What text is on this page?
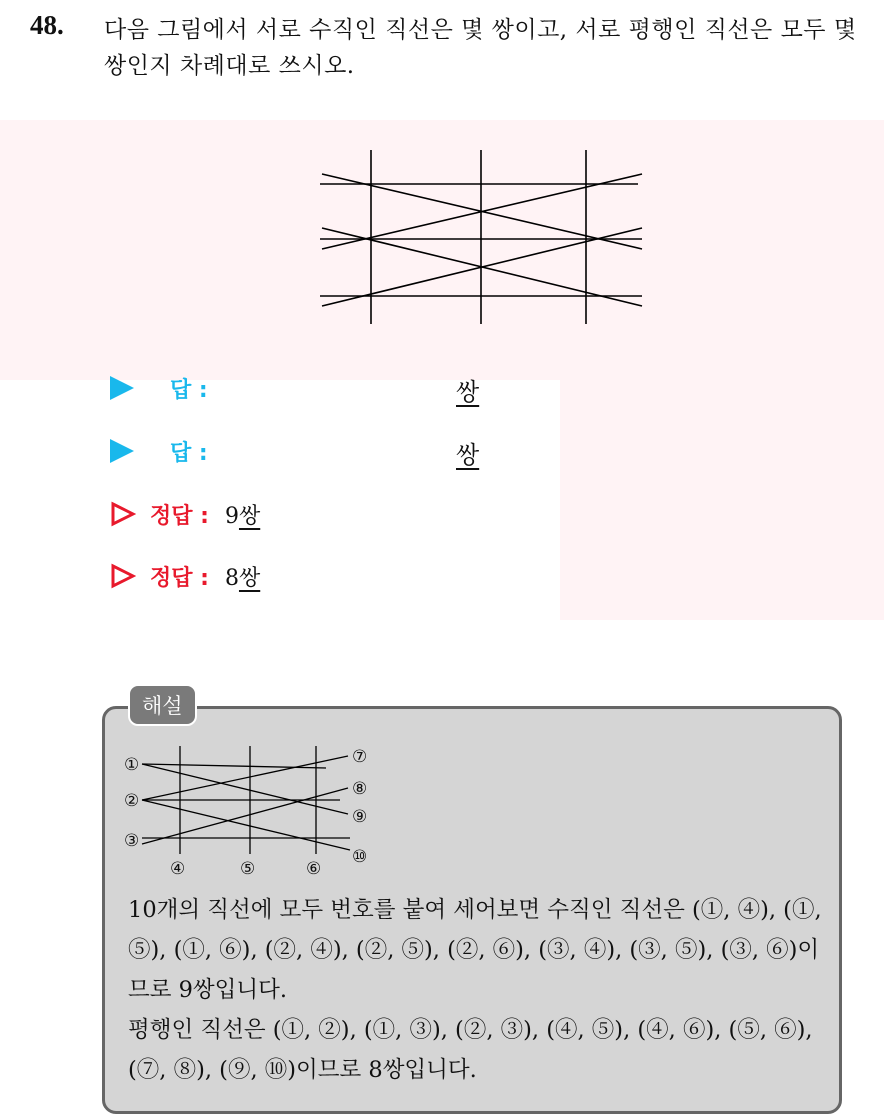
48. 다음 그림에서 서로 수직인 직선은 몇 쌍이고, 서로 평행인 직선은 모두 몇 쌍인지 차례대로 쓰시오.
답 :	쌍
답 :	쌍
정답 : 9쌍
정답 : 8쌍
해설
①
②
③
④	⑤	⑥
⑦
⑧
⑨
⑩

10개의 직선에 모두 번호를 붙여 세어보면 수직인 직선은 (①, ④), (①, ⑤), (①, ⑥), (②, ④), (②, ⑤), (②, ⑥), (③, ④), (③, ⑤), (③, ⑥)이므로 9쌍입니다.

평행인 직선은 (①, ②), (①, ③), (②, ③), (④, ⑤), (④, ⑥), (⑤, ⑥), (⑦, ⑧), (⑨, ⑩)이므로 8쌍입니다.
